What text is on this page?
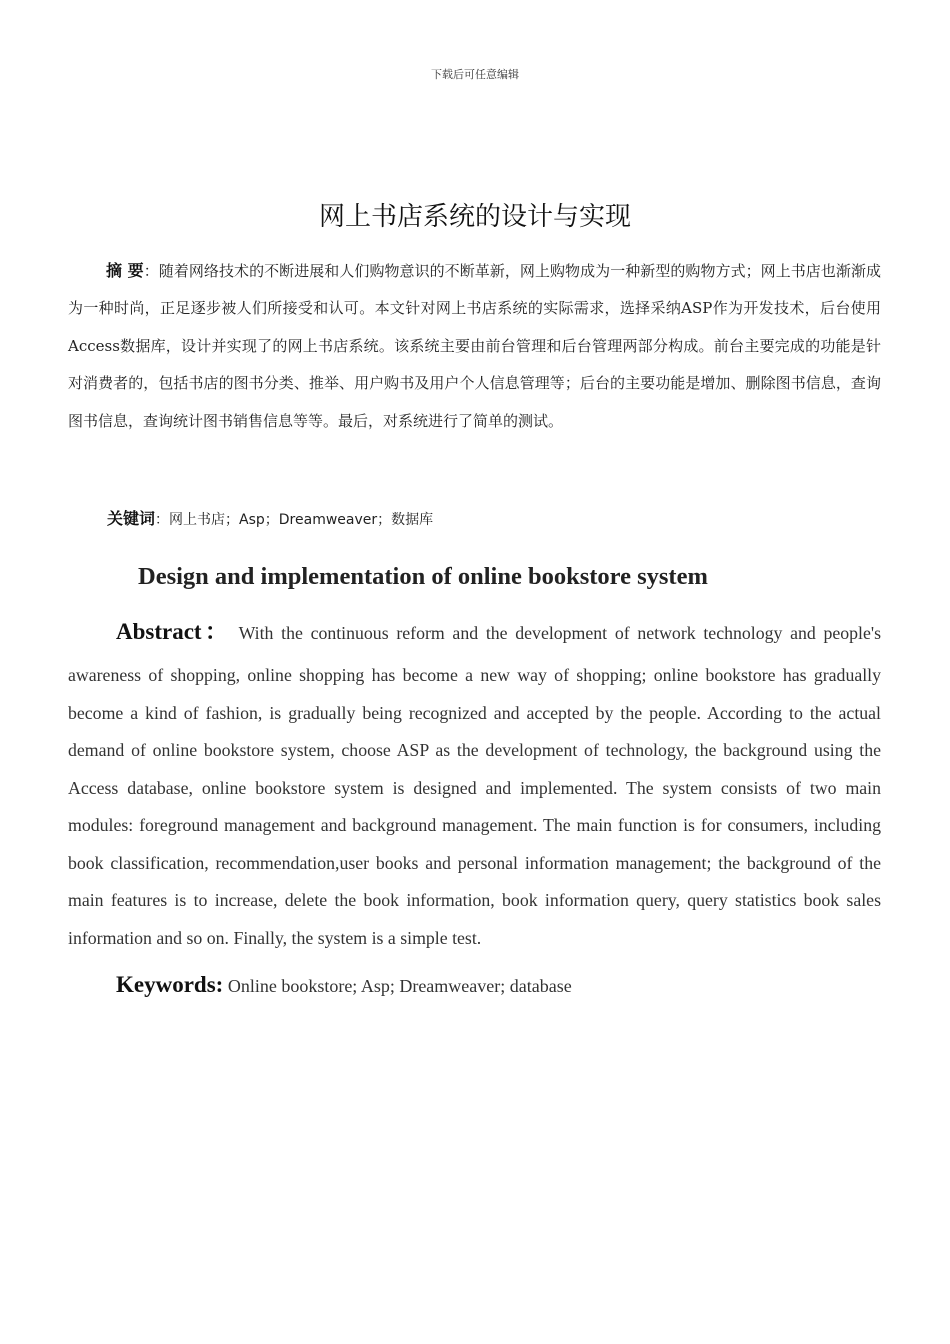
下载后可任意编辑
网上书店系统的设计与实现
摘 要：随着网络技术的不断进展和人们购物意识的不断革新，网上购物成为一种新型的购物方式；网上书店也渐渐成为一种时尚，正足逐步被人们所接受和认可。本文针对网上书店系统的实际需求，选择采纳ASP作为开发技术，后台使用Access数据库，设计并实现了的网上书店系统。该系统主要由前台管理和后台管理两部分构成。前台主要完成的功能是针对消费者的，包括书店的图书分类、推举、用户购书及用户个人信息管理等；后台的主要功能是增加、删除图书信息，查询图书信息，查询统计图书销售信息等等。最后，对系统进行了简单的测试。
关键词：网上书店；Asp；Dreamweaver；数据库
Design and implementation of online bookstore system
Abstract： With the continuous reform and the development of network technology and people's
awareness of shopping, online shopping has become a new way of shopping; online bookstore has gradually become a kind of fashion, is gradually being recognized and accepted by the people. According to the actual demand of online bookstore system, choose ASP as the development of technology, the background using the Access database, online bookstore system is designed and implemented. The system consists of two main modules: foreground management and background management. The main function is for consumers, including book classification, recommendation,user books and personal information management; the background of the main features is to increase, delete the book information, book information query, query statistics book sales information and so on. Finally, the system is a simple test.
Keywords: Online bookstore; Asp; Dreamweaver; database
